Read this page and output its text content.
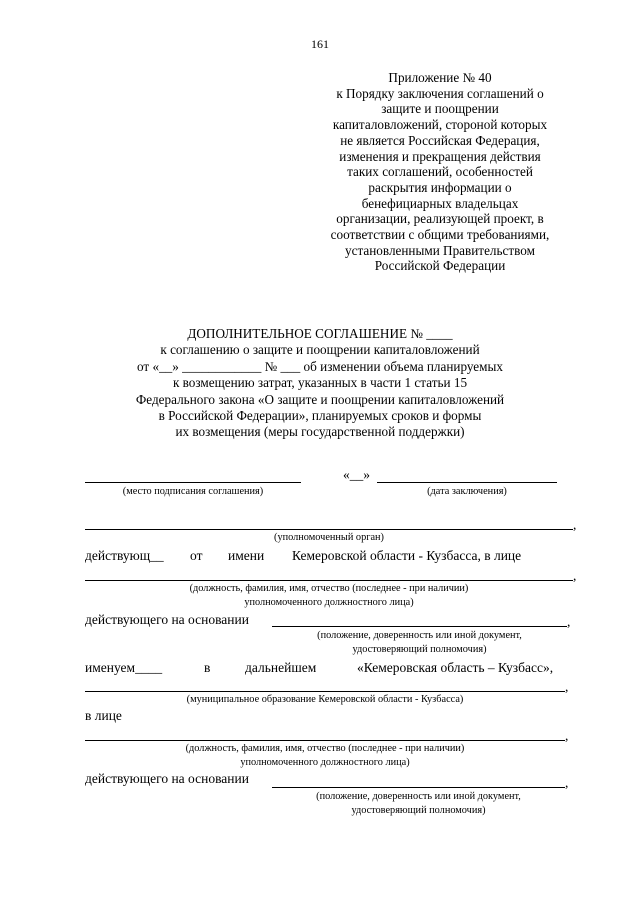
161
Приложение № 40
к Порядку заключения соглашений о
защите и поощрении
капиталовложений, стороной которых
не является Российская Федерация,
изменения и прекращения действия
таких соглашений, особенностей
раскрытия информации о
бенефициарных владельцах
организации, реализующей проект, в
соответствии с общими требованиями,
установленными Правительством
Российской Федерации
ДОПОЛНИТЕЛЬНОЕ СОГЛАШЕНИЕ № ____
к соглашению о защите и поощрении капиталовложений
от «__» ____________ № ___ об изменении объема планируемых
к возмещению затрат, указанных в части 1 статьи 15
Федерального закона «О защите и поощрении капиталовложений
в Российской Федерации», планируемых сроков и формы
их возмещения (меры государственной поддержки)
«__»
(место подписания соглашения)	(дата заключения)
,
(уполномоченный орган)
действующ__ от имени Кемеровской области - Кузбасса, в лице
,
(должность, фамилия, имя, отчество (последнее - при наличии)
уполномоченного должностного лица)
действующего на основании	,
(положение, доверенность или иной документ,
удостоверяющий полномочия)
именуем____	в	дальнейшем	«Кемеровская область – Кузбасс»,
,
(муниципальное образование Кемеровской области - Кузбасса)
в лице
,
(должность, фамилия, имя, отчество (последнее - при наличии)
уполномоченного должностного лица)
действующего на основании	,
(положение, доверенность или иной документ,
удостоверяющий полномочия)
